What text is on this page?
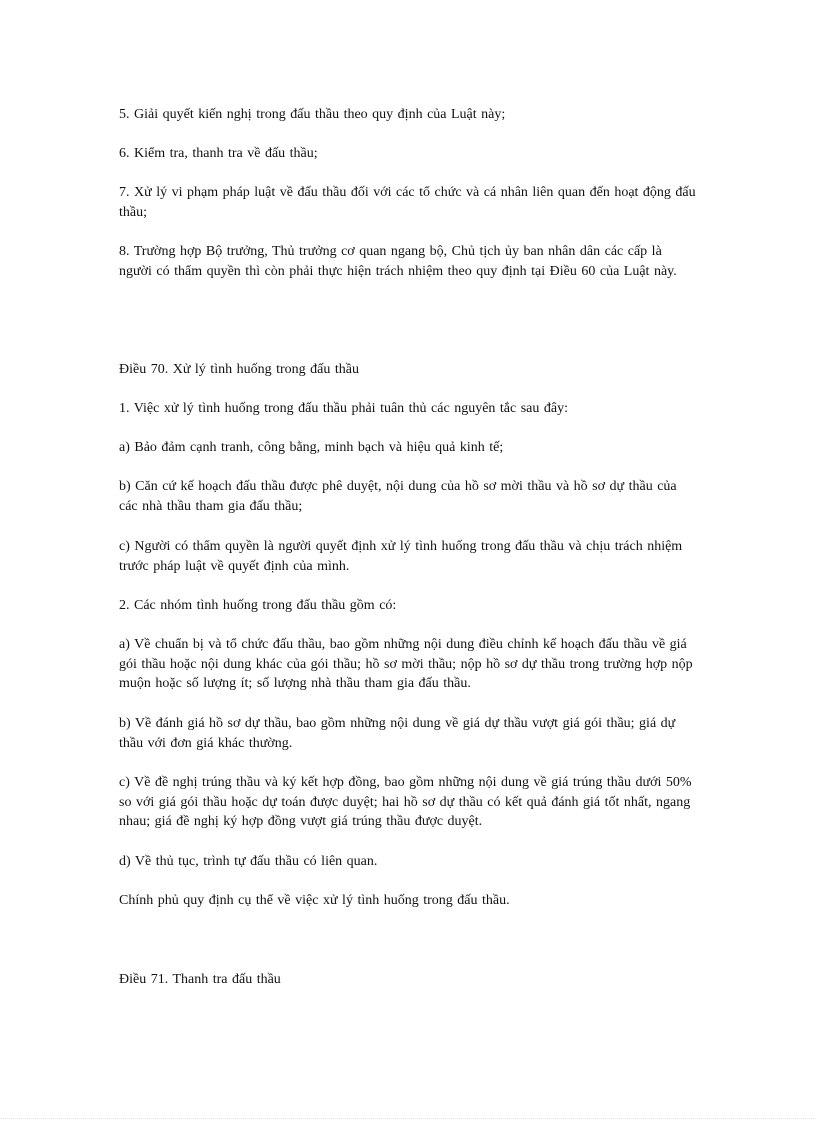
5. Giải quyết kiến nghị trong đấu thầu theo quy định của Luật này;

6. Kiểm tra, thanh tra về đấu thầu;

7. Xử lý vi phạm pháp luật về đấu thầu đối với các tổ chức và cá nhân liên quan đến hoạt động đấu thầu;

8. Trường hợp Bộ trưởng, Thủ trưởng cơ quan ngang bộ, Chủ tịch ủy ban nhân dân các cấp là người có thẩm quyền thì còn phải thực hiện trách nhiệm theo quy định tại Điều 60 của Luật này.

Điều 70. Xử lý tình huống trong đấu thầu

1. Việc xử lý tình huống trong đấu thầu phải tuân thủ các nguyên tắc sau đây:

a) Bảo đảm cạnh tranh, công bằng, minh bạch và hiệu quả kinh tế;

b) Căn cứ kế hoạch đấu thầu được phê duyệt, nội dung của hồ sơ mời thầu và hồ sơ dự thầu của các nhà thầu tham gia đấu thầu;

c) Người có thẩm quyền là người quyết định xử lý tình huống trong đấu thầu và chịu trách nhiệm trước pháp luật về quyết định của mình.

2. Các nhóm tình huống trong đấu thầu gồm có:

a) Về chuẩn bị và tổ chức đấu thầu, bao gồm những nội dung điều chỉnh kế hoạch đấu thầu về giá gói thầu hoặc nội dung khác của gói thầu; hồ sơ mời thầu; nộp hồ sơ dự thầu trong trường hợp nộp muộn hoặc số lượng ít; số lượng nhà thầu tham gia đấu thầu.

b) Về đánh giá hồ sơ dự thầu, bao gồm những nội dung về giá dự thầu vượt giá gói thầu; giá dự thầu với đơn giá khác thường.

c) Về đề nghị trúng thầu và ký kết hợp đồng, bao gồm những nội dung về giá trúng thầu dưới 50% so với giá gói thầu hoặc dự toán được duyệt; hai hồ sơ dự thầu có kết quả đánh giá tốt nhất, ngang nhau; giá đề nghị ký hợp đồng vượt giá trúng thầu được duyệt.

d) Về thủ tục, trình tự đấu thầu có liên quan.

Chính phủ quy định cụ thể về việc xử lý tình huống trong đấu thầu.

Điều 71. Thanh tra đấu thầu
